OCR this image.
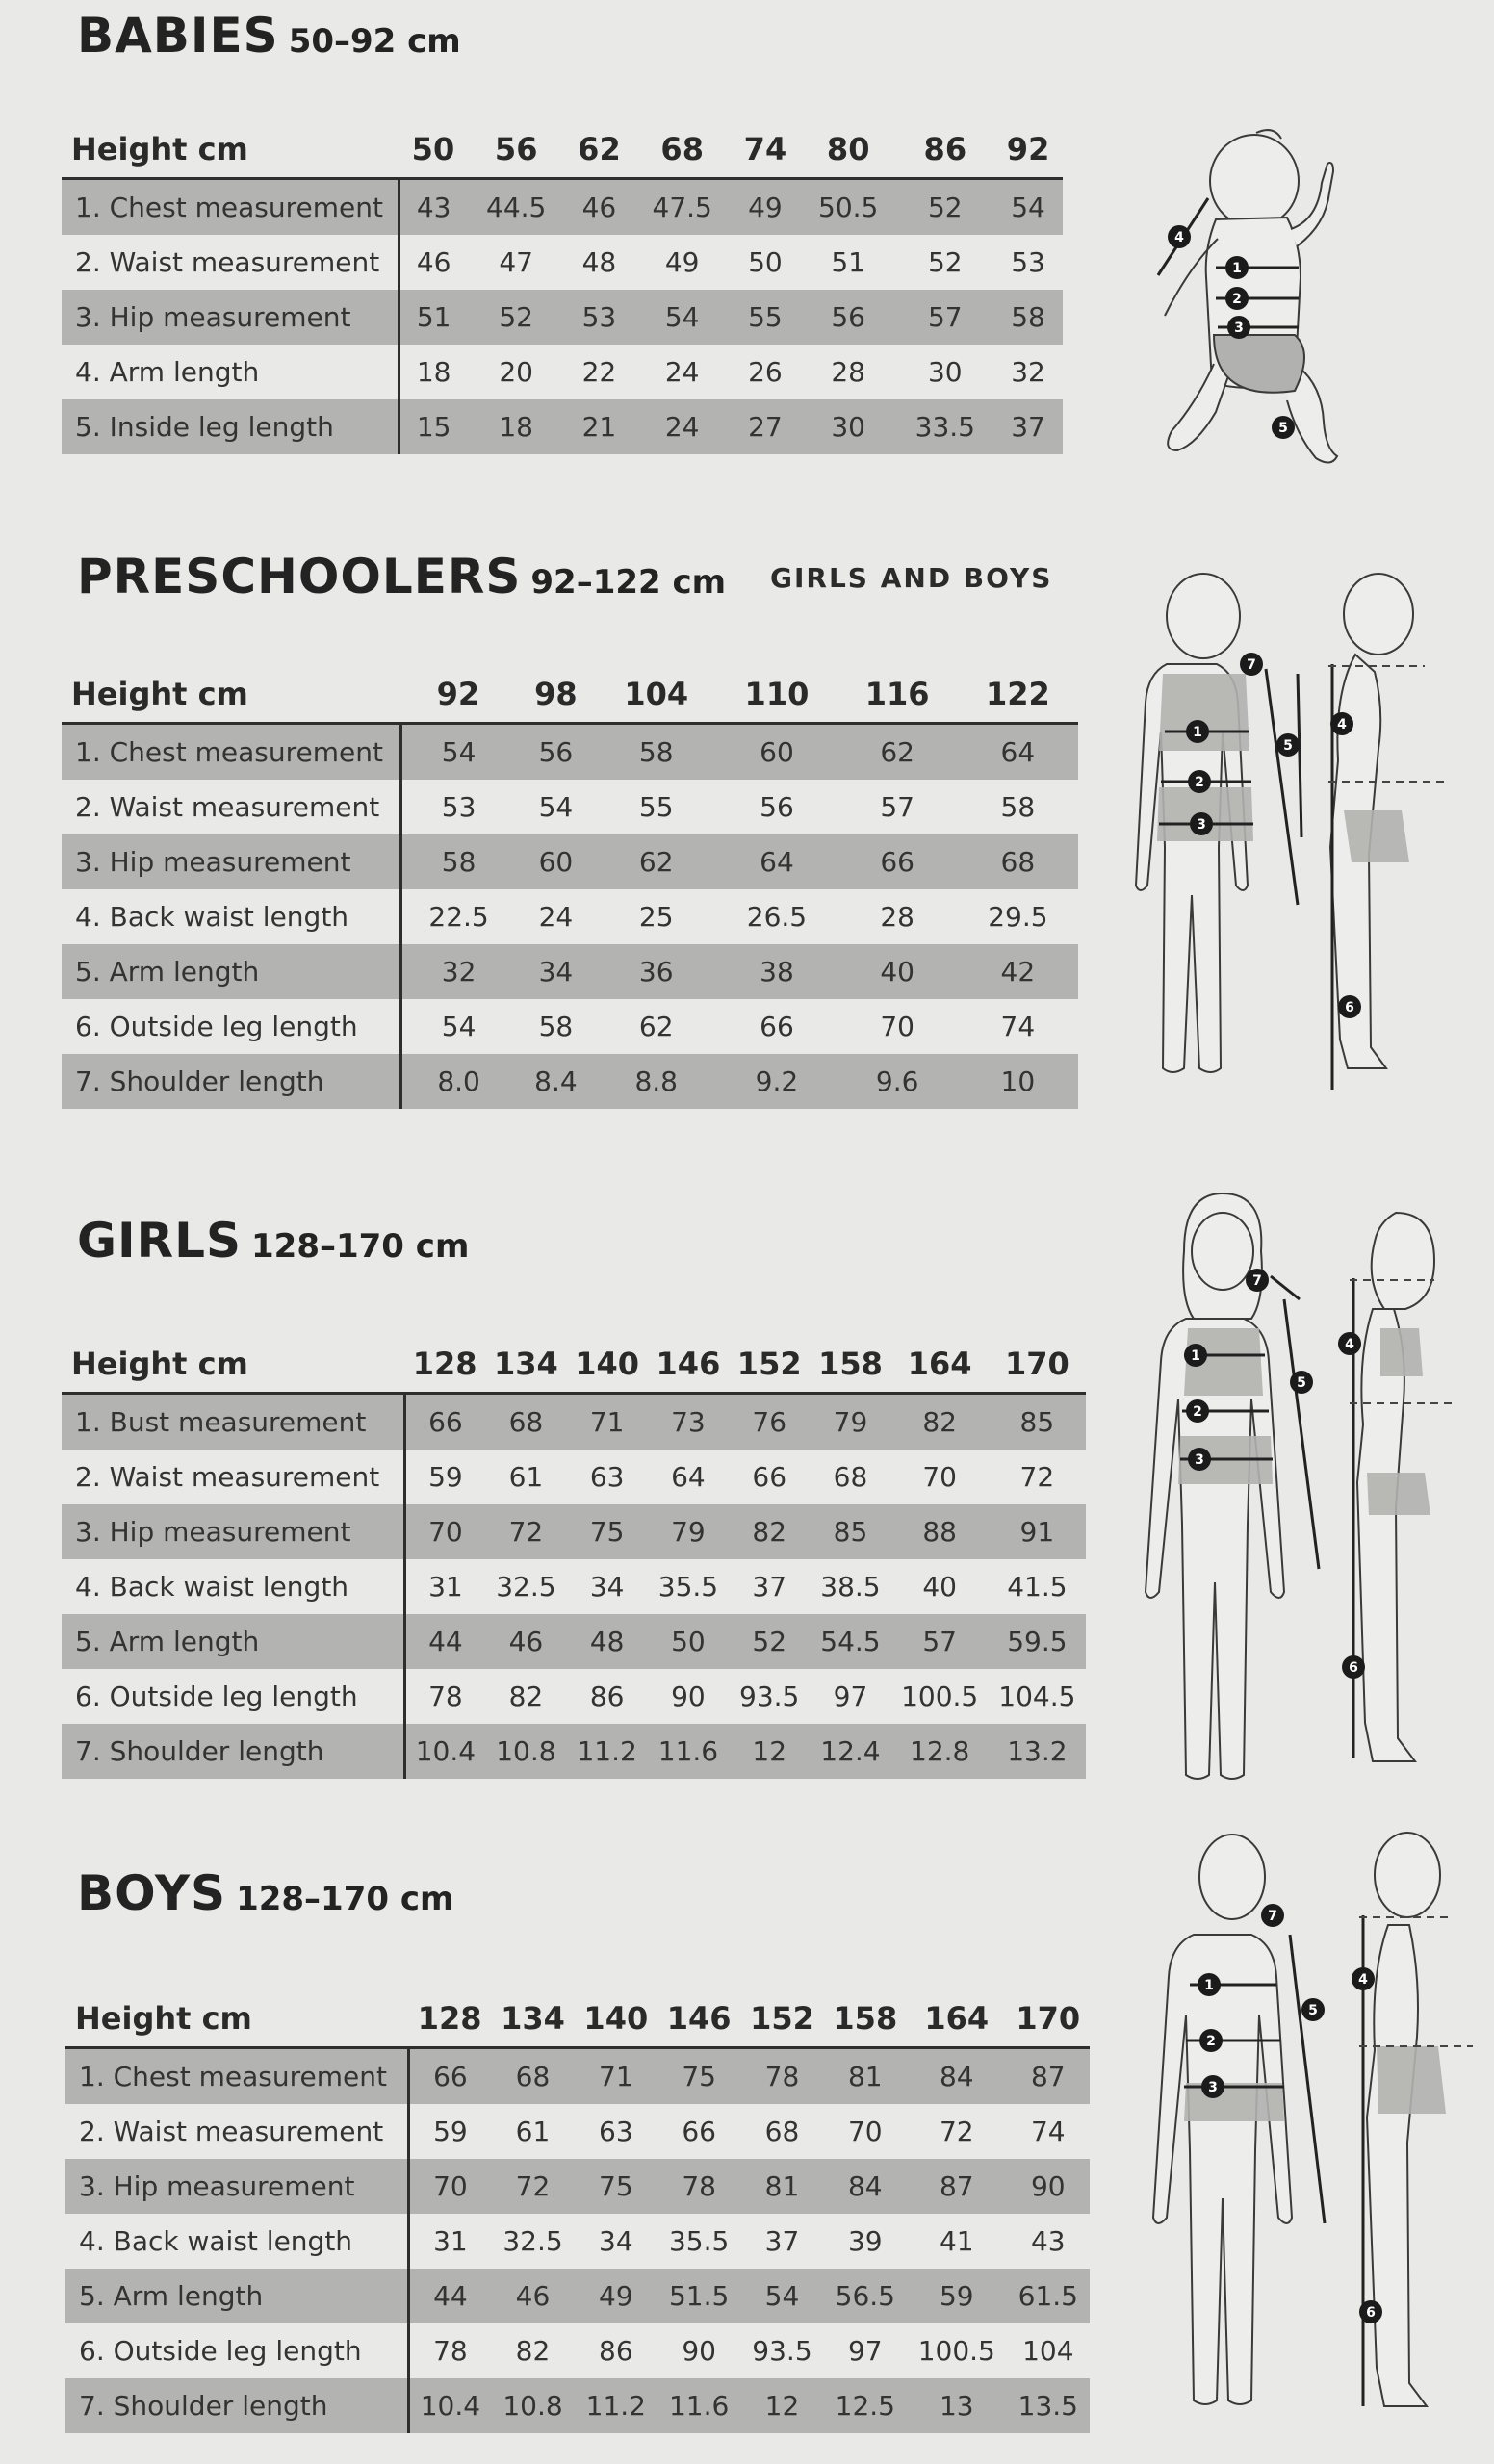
BABIES 50–92 cm
Height cm	50	56	62	68	74	80	86	92
1. Chest measurement	43	44.5	46	47.5	49	50.5	52	54
2. Waist measurement	46	47	48	49	50	51	52	53
3. Hip measurement	51	52	53	54	55	56	57	58
4. Arm length	18	20	22	24	26	28	30	32
5. Inside leg length	15	18	21	24	27	30	33.5	37
1
2
3
4
5
PRESCHOOLERS 92–122 cm GIRLS AND BOYS
Height cm	92	98	104	110	116	122
1. Chest measurement	54	56	58	60	62	64
2. Waist measurement	53	54	55	56	57	58
3. Hip measurement	58	60	62	64	66	68
4. Back waist length	22.5	24	25	26.5	28	29.5
5. Arm length	32	34	36	38	40	42
6. Outside leg length	54	58	62	66	70	74
7. Shoulder length	8.0	8.4	8.8	9.2	9.6	10
1
2
3
4
5
6
7
GIRLS 128–170 cm
Height cm	128	134	140	146	152	158	164	170
1. Bust measurement	66	68	71	73	76	79	82	85
2. Waist measurement	59	61	63	64	66	68	70	72
3. Hip measurement	70	72	75	79	82	85	88	91
4. Back waist length	31	32.5	34	35.5	37	38.5	40	41.5
5. Arm length	44	46	48	50	52	54.5	57	59.5
6. Outside leg length	78	82	86	90	93.5	97	100.5	104.5
7. Shoulder length	10.4	10.8	11.2	11.6	12	12.4	12.8	13.2
1
2
3
4
5
6
7
BOYS 128–170 cm
Height cm	128	134	140	146	152	158	164	170
1. Chest measurement	66	68	71	75	78	81	84	87
2. Waist measurement	59	61	63	66	68	70	72	74
3. Hip measurement	70	72	75	78	81	84	87	90
4. Back waist length	31	32.5	34	35.5	37	39	41	43
5. Arm length	44	46	49	51.5	54	56.5	59	61.5
6. Outside leg length	78	82	86	90	93.5	97	100.5	104
7. Shoulder length	10.4	10.8	11.2	11.6	12	12.5	13	13.5
1
2
3
4
5
6
7
